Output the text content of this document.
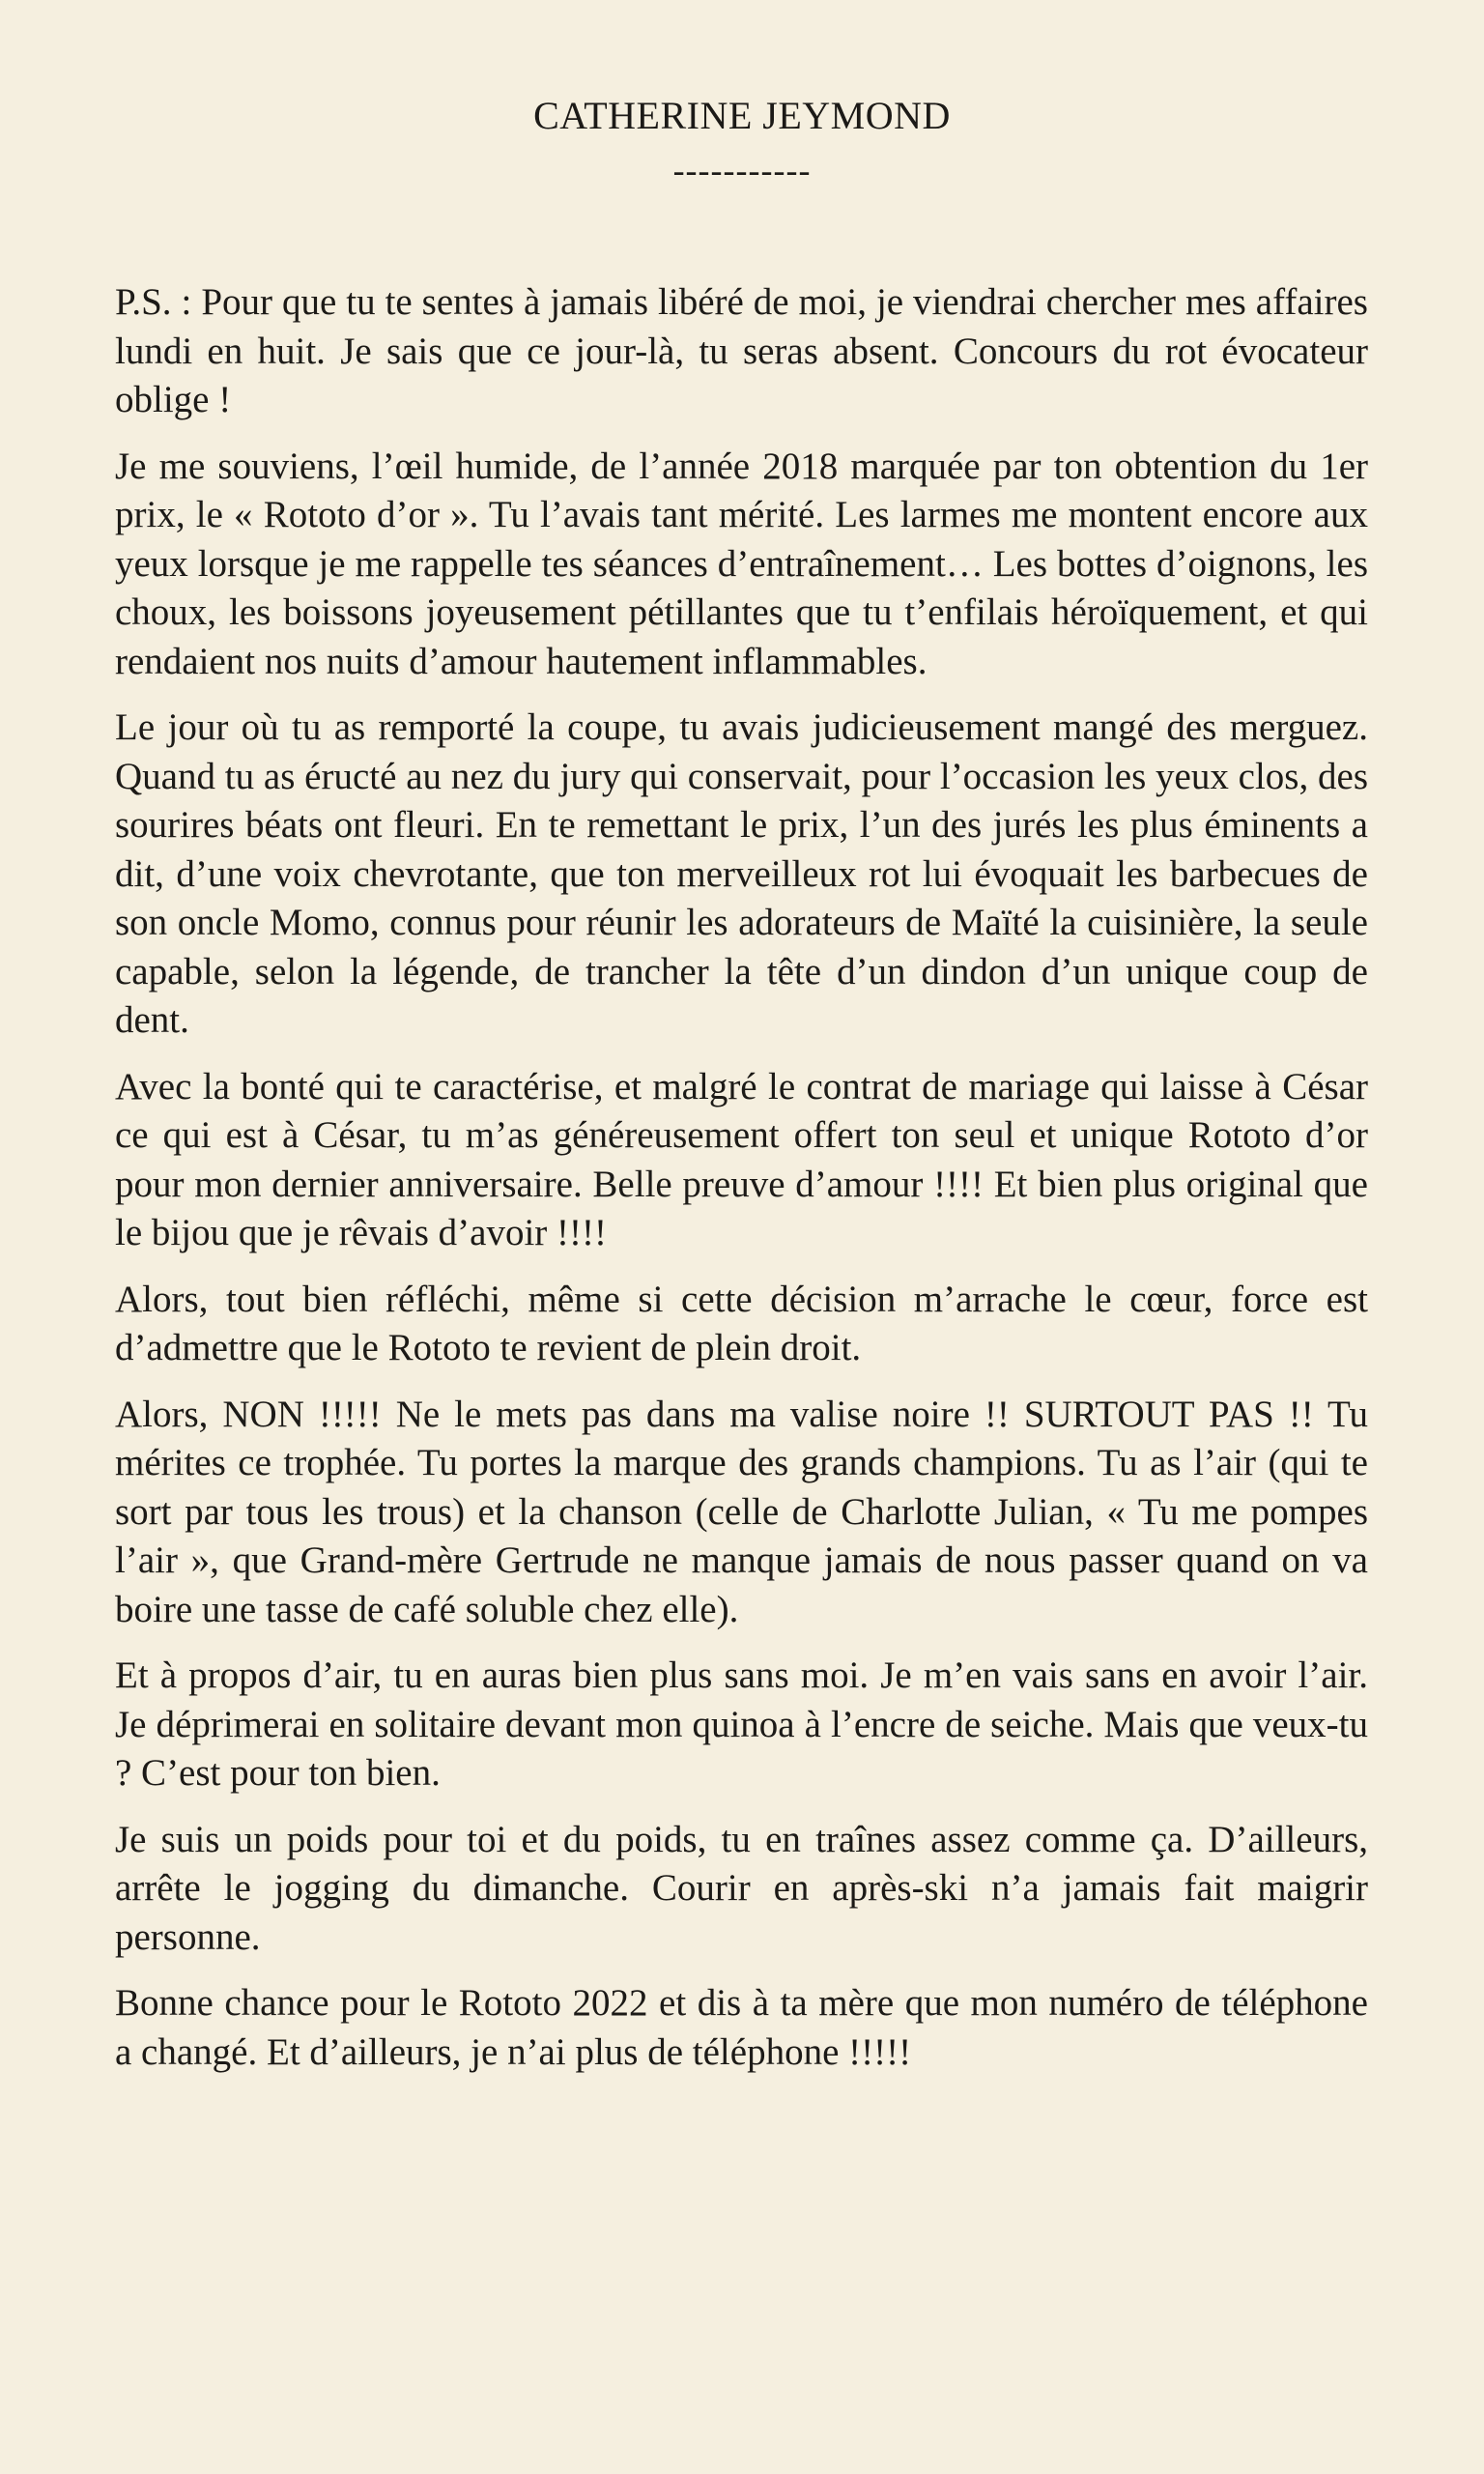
CATHERINE JEYMOND
-----------

P.S. : Pour que tu te sentes à jamais libéré de moi, je viendrai chercher mes affaires lundi en huit. Je sais que ce jour-là, tu seras absent. Concours du rot évocateur oblige !

Je me souviens, l’œil humide, de l’année 2018 marquée par ton obtention du 1er prix, le « Rototo d’or ». Tu l’avais tant mérité. Les larmes me montent encore aux yeux lorsque je me rappelle tes séances d’entraînement… Les bottes d’oignons, les choux, les boissons joyeusement pétillantes que tu t’enfilais héroïquement, et qui rendaient nos nuits d’amour hautement inflammables.

Le jour où tu as remporté la coupe, tu avais judicieusement mangé des merguez. Quand tu as éructé au nez du jury qui conservait, pour l’occasion les yeux clos, des sourires béats ont fleuri. En te remettant le prix, l’un des jurés les plus éminents a dit, d’une voix chevrotante, que ton merveilleux rot lui évoquait les barbecues de son oncle Momo, connus pour réunir les adorateurs de Maïté la cuisinière, la seule capable, selon la légende, de trancher la tête d’un dindon d’un unique coup de dent.

Avec la bonté qui te caractérise, et malgré le contrat de mariage qui laisse à César ce qui est à César, tu m’as généreusement offert ton seul et unique Rototo d’or pour mon dernier anniversaire. Belle preuve d’amour !!!! Et bien plus original que le bijou que je rêvais d’avoir !!!!

Alors, tout bien réfléchi, même si cette décision m’arrache le cœur, force est d’admettre que le Rototo te revient de plein droit.

Alors, NON !!!!! Ne le mets pas dans ma valise noire !! SURTOUT PAS !! Tu mérites ce trophée. Tu portes la marque des grands champions. Tu as l’air (qui te sort par tous les trous) et la chanson (celle de Charlotte Julian, « Tu me pompes l’air », que Grand-mère Gertrude ne manque jamais de nous passer quand on va boire une tasse de café soluble chez elle).

Et à propos d’air, tu en auras bien plus sans moi. Je m’en vais sans en avoir l’air. Je déprimerai en solitaire devant mon quinoa à l’encre de seiche. Mais que veux-tu ? C’est pour ton bien.

Je suis un poids pour toi et du poids, tu en traînes assez comme ça. D’ailleurs, arrête le jogging du dimanche. Courir en après-ski n’a jamais fait maigrir personne.

Bonne chance pour le Rototo 2022 et dis à ta mère que mon numéro de téléphone a changé. Et d’ailleurs, je n’ai plus de téléphone !!!!!
